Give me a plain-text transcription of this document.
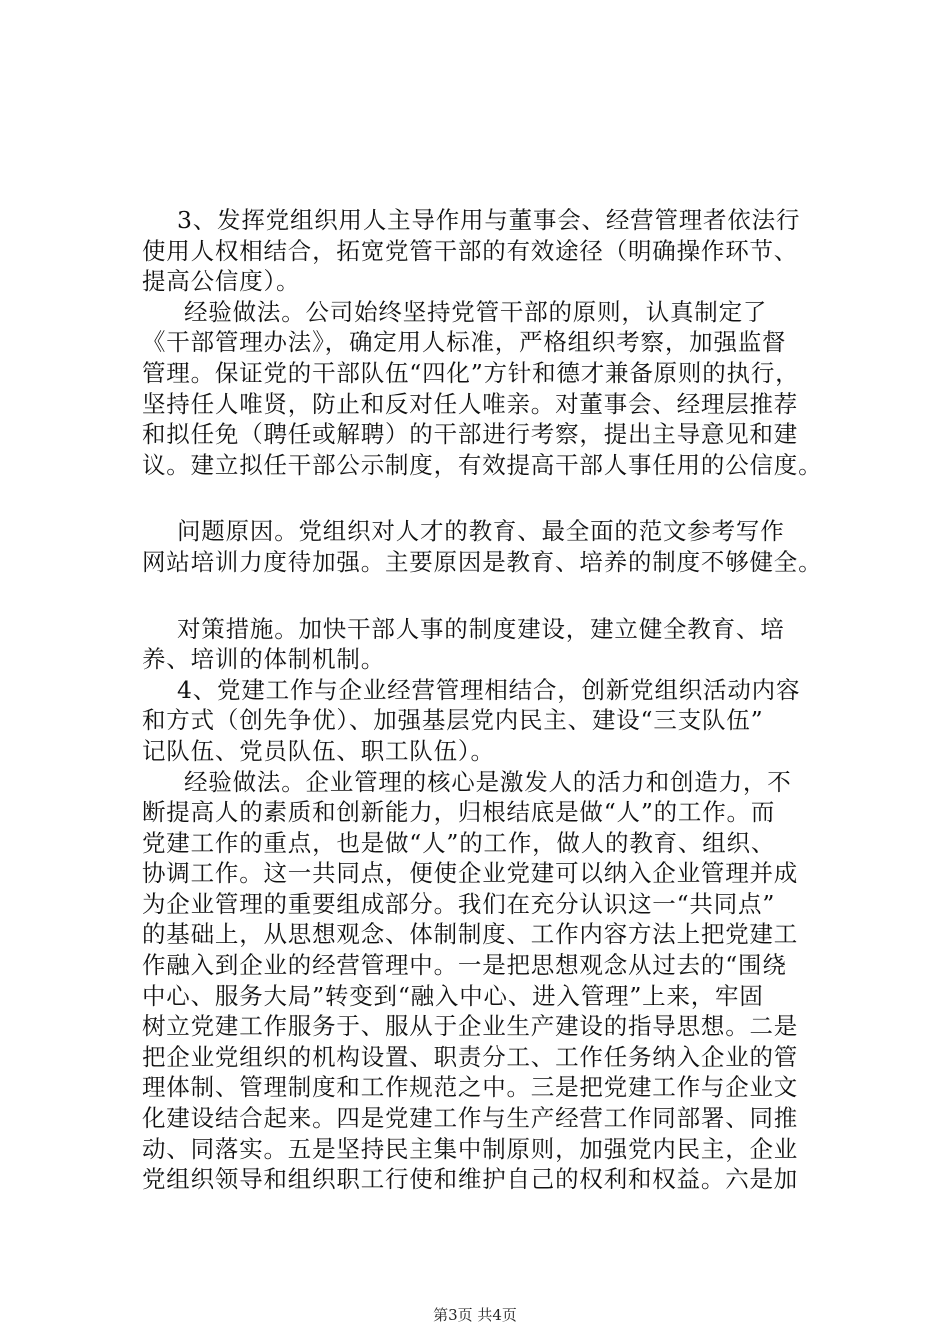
3、发挥党组织用人主导作用与董事会、经营管理者依法行
使用人权相结合，拓宽党管干部的有效途径（明确操作环节、
提高公信度）。
经验做法。公司始终坚持党管干部的原则，认真制定了
《干部管理办法》，确定用人标准，严格组织考察，加强监督
管理。保证党的干部队伍“四化”方针和德才兼备原则的执行，
坚持任人唯贤，防止和反对任人唯亲。对董事会、经理层推荐
和拟任免（聘任或解聘）的干部进行考察，提出主导意见和建
议。建立拟任干部公示制度，有效提高干部人事任用的公信度。
问题原因。党组织对人才的教育、最全面的范文参考写作
网站培训力度待加强。主要原因是教育、培养的制度不够健全。
对策措施。加快干部人事的制度建设，建立健全教育、培
养、培训的体制机制。
4、党建工作与企业经营管理相结合，创新党组织活动内容
和方式（创先争优）、加强基层党内民主、建设“三支队伍”
记队伍、党员队伍、职工队伍）。
经验做法。企业管理的核心是激发人的活力和创造力，不
断提高人的素质和创新能力，归根结底是做“人”的工作。而
党建工作的重点，也是做“人”的工作，做人的教育、组织、
协调工作。这一共同点，便使企业党建可以纳入企业管理并成
为企业管理的重要组成部分。我们在充分认识这一“共同点”
的基础上，从思想观念、体制制度、工作内容方法上把党建工
作融入到企业的经营管理中。一是把思想观念从过去的“围绕
中心、服务大局”转变到“融入中心、进入管理”上来，牢固
树立党建工作服务于、服从于企业生产建设的指导思想。二是
把企业党组织的机构设置、职责分工、工作任务纳入企业的管
理体制、管理制度和工作规范之中。三是把党建工作与企业文
化建设结合起来。四是党建工作与生产经营工作同部署、同推
动、同落实。五是坚持民主集中制原则，加强党内民主，企业
党组织领导和组织职工行使和维护自己的权利和权益。六是加
第3页 共4页
